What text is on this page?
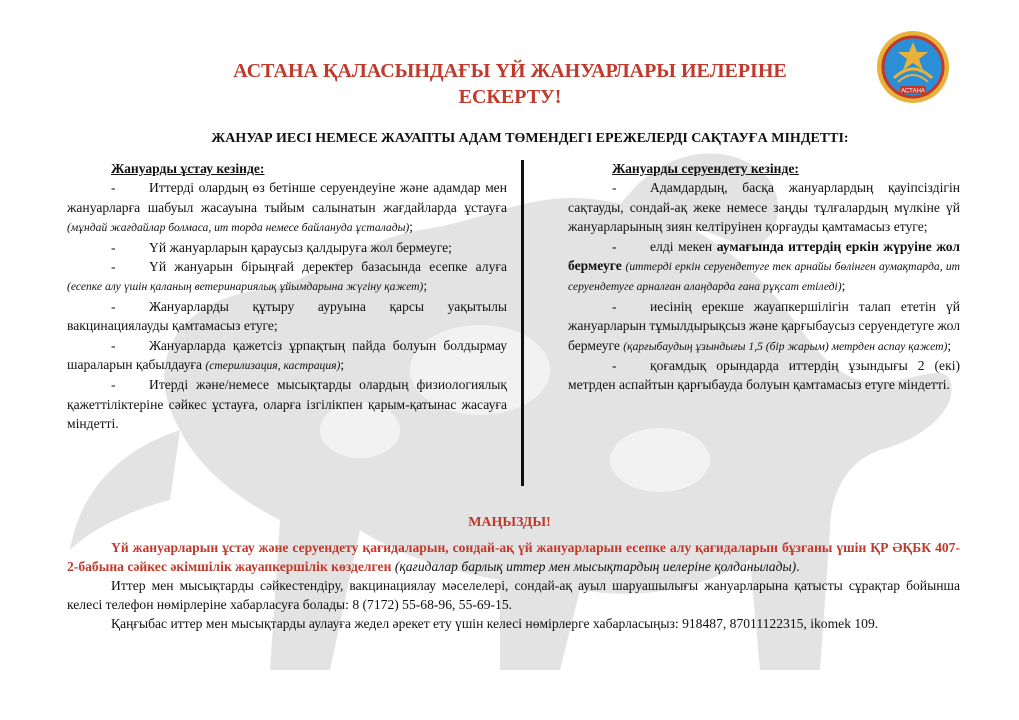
АСТАНА
АСТАНА ҚАЛАСЫНДАҒЫ ҮЙ ЖАНУАРЛАРЫ ИЕЛЕРІНЕ
ЕСКЕРТУ!
ЖАНУАР ИЕСІ НЕМЕСЕ ЖАУАПТЫ АДАМ ТӨМЕНДЕГІ ЕРЕЖЕЛЕРДІ САҚТАУҒА МІНДЕТТІ:
Жануарды ұстау кезінде:

- Иттерді олардың өз бетінше серуендеуіне және адамдар мен жануарларға шабуыл жасауына тыйым салынатын жағдайларда ұстауға (мұндай жағдайлар болмаса, ит торда немесе байлануда ұсталады);

- Үй жануарларын қараусыз қалдыруға жол бермеуге;

- Үй жануарын бірыңғай деректер базасында есепке алуға (есепке алу үшін қаланың ветеринариялық ұйымдарына жүгіну қажет);

- Жануарларды құтыру ауруына қарсы уақытылы вакцинациялауды қамтамасыз етуге;

- Жануарларда қажетсіз ұрпақтың пайда болуын болдырмау шараларын қабылдауға (стерилизация, кастрация);

- Итерді және/немесе мысықтарды олардың физиологиялық қажеттіліктеріне сәйкес ұстауға, оларға ізгілікпен қарым-қатынас жасауға міндетті.

Жануарды серуендету кезінде:

- Адамдардың, басқа жануарлардың қауіпсіздігін сақтауды, сондай-ақ жеке немесе заңды тұлғалардың мүлкіне үй жануарларының зиян келтіруінен қорғауды қамтамасыз етуге;

- елді мекен аумағында иттердің еркін жүруіне жол бермеуге (иттерді еркін серуендетуге тек арнайы бөлінген аумақтарда, ит серуендетуге арналған алаңдарда ғана рұқсат етіледі);

- иесінің ерекше жауапкершілігін талап ететін үй жануарларын тұмылдырықсыз және қарғыбаусыз серуендетуге жол бермеуге (қарғыбаудың ұзындығы 1,5 (бір жарым) метрден аспау қажет);

- қоғамдық орындарда иттердің ұзындығы 2 (екі) метрден аспайтын қарғыбауда болуын қамтамасыз етуге міндетті.

МАҢЫЗДЫ!

Үй жануарларын ұстау және серуендету қағидаларын, сондай-ақ үй жануарларын есепке алу қағидаларын бұзғаны үшін ҚР ӘҚБК 407-2-бабына сәйкес әкімшілік жауапкершілік көзделген (қағидалар барлық иттер мен мысықтардың иелеріне қолданылады).

Иттер мен мысықтарды сәйкестендіру, вакцинациялау мәселелері, сондай-ақ ауыл шаруашылығы жануарларына қатысты сұрақтар бойынша келесі телефон нөмірлеріне хабарласуға болады: 8 (7172) 55-68-96, 55-69-15.

Қаңғыбас иттер мен мысықтарды аулауға жедел әрекет ету үшін келесі нөмірлерге хабарласыңыз: 918487, 87011122315, ikomek 109.
